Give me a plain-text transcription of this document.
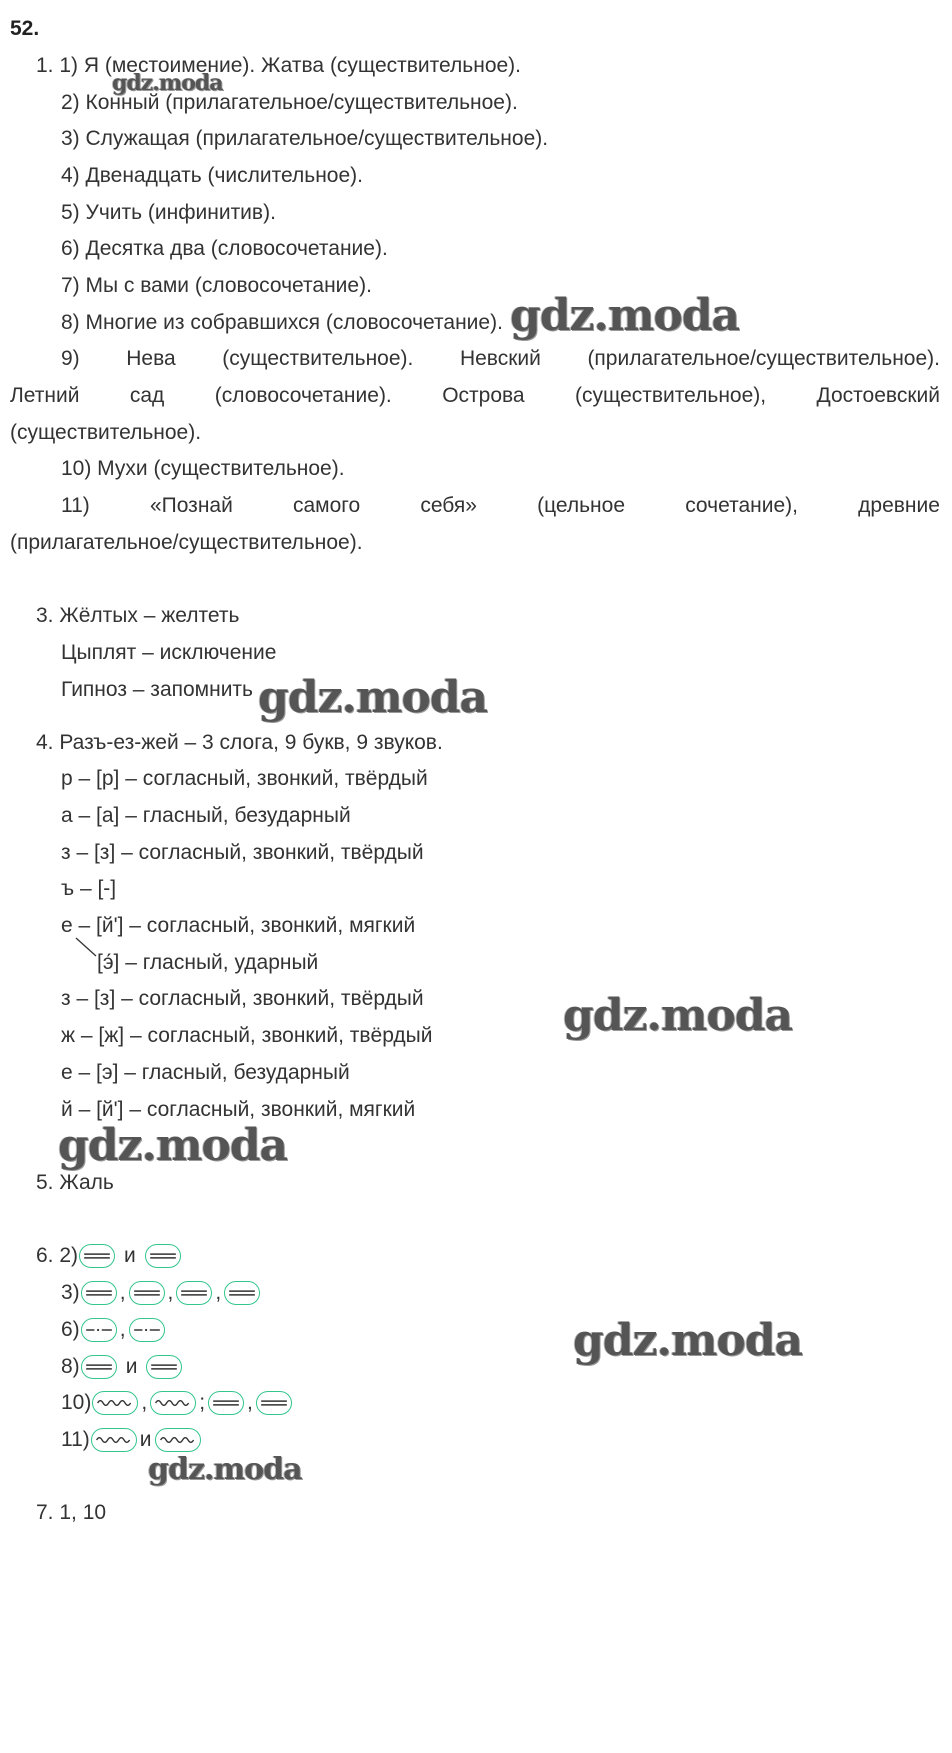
52.
1. 1) Я (местоимение). Жатва (существительное).
2) Конный (прилагательное/существительное).
3) Служащая (прилагательное/существительное).
4) Двенадцать (числительное).
5) Учить (инфинитив).
6) Десятка два (словосочетание).
7) Мы с вами (словосочетание).
8) Многие из собравшихся (словосочетание).
9) Нева (существительное). Невский (прилагательное/существительное).
Летний сад (словосочетание). Острова (существительное), Достоевский
(существительное).
10) Мухи (существительное).
11)	«Познай	самого	себя»	(цельное	сочетание),	древние
(прилагательное/существительное).
3. Жёлтых – желтеть
Цыплят – исключение
Гипноз – запомнить
4. Разъ-ез-жей – 3 слога, 9 букв, 9 звуков.
р – [р] – согласный, звонкий, твёрдый
а – [а] – гласный, безударный
з – [з] – согласный, звонкий, твёрдый
ъ – [-]
е – [й'] – согласный, звонкий, мягкий
[э́] – гласный, ударный
з – [з] – согласный, звонкий, твёрдый
ж – [ж] – согласный, звонкий, твёрдый
е – [э] – гласный, безударный
й – [й'] – согласный, звонкий, мягкий
5. Жаль
6. 2) и
3) , , ,
6) ,
8) и
10) , ; ,
11) и
7. 1, 10
gdz.moda
gdz.moda
gdz.moda
gdz.moda
gdz.moda
gdz.moda
gdz.moda
